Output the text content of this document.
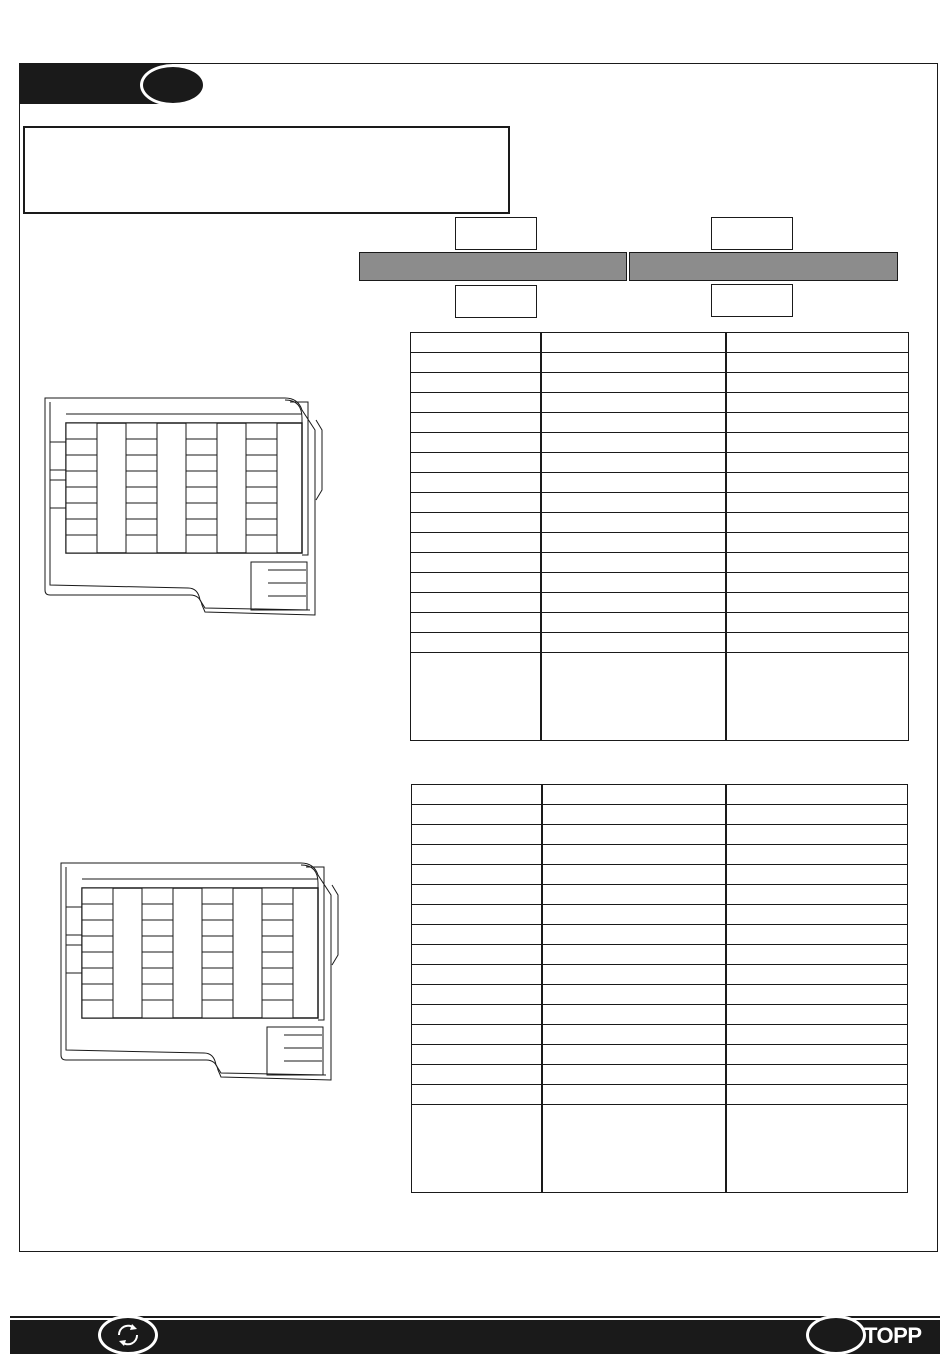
TOPP
